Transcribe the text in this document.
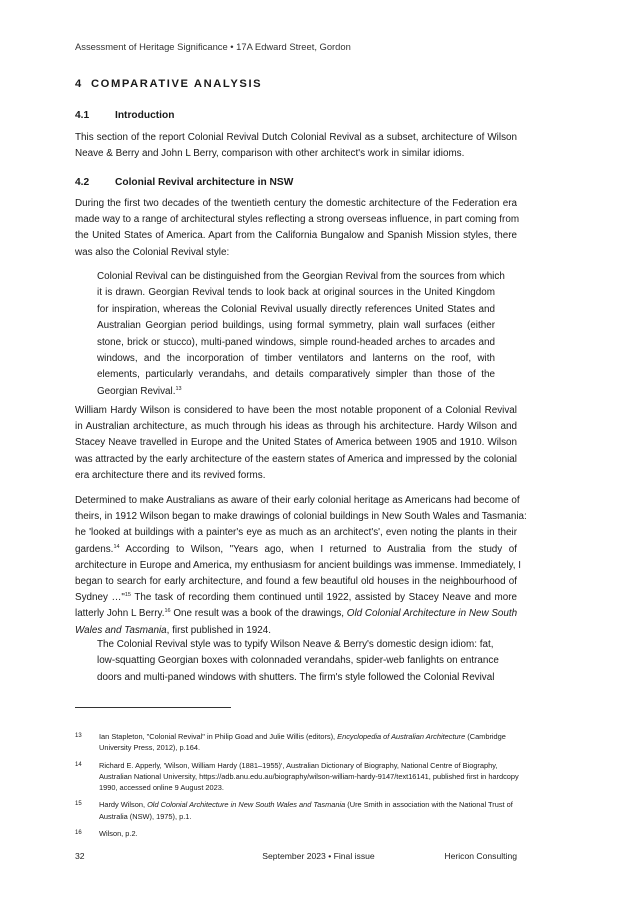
Assessment of Heritage Significance • 17A Edward Street, Gordon
4 COMPARATIVE ANALYSIS
4.1	Introduction

This section of the report Colonial Revival Dutch Colonial Revival as a subset, architecture of Wilson
Neave & Berry and John L Berry, comparison with other architect's work in similar idioms.

4.2	Colonial Revival architecture in NSW

During the first two decades of the twentieth century the domestic architecture of the Federation era
made way to a range of architectural styles reflecting a strong overseas influence, in part coming from
the United States of America. Apart from the California Bungalow and Spanish Mission styles, there
was also the Colonial Revival style:

Colonial Revival can be distinguished from the Georgian Revival from the sources from which
it is drawn. Georgian Revival tends to look back at original sources in the United Kingdom
for inspiration, whereas the Colonial Revival usually directly references United States and
Australian Georgian period buildings, using formal symmetry, plain wall surfaces (either
stone, brick or stucco), multi-paned windows, simple round-headed arches to arcades and
windows, and the incorporation of timber ventilators and lanterns on the roof, with
elements, particularly verandahs, and details comparatively simpler than those of the
Georgian Revival.$^{13}$

William Hardy Wilson is considered to have been the most notable proponent of a Colonial Revival
in Australian architecture, as much through his ideas as through his architecture. Hardy Wilson and
Stacey Neave travelled in Europe and the United States of America between 1905 and 1910. Wilson
was attracted by the early architecture of the eastern states of America and impressed by the colonial
era architecture there and its revived forms.

Determined to make Australians as aware of their early colonial heritage as Americans had become of
theirs, in 1912 Wilson began to make drawings of colonial buildings in New South Wales and Tasmania:
he 'looked at buildings with a painter's eye as much as an architect's', even noting the plants in their
gardens.$^{14}$ According to Wilson, "Years ago, when I returned to Australia from the study of
architecture in Europe and America, my enthusiasm for ancient buildings was immense. Immediately, I
began to search for early architecture, and found a few beautiful old houses in the neighbourhood of
Sydney …"$^{15}$ The task of recording them continued until 1922, assisted by Stacey Neave and more
latterly John L Berry.$^{16}$ One result was a book of the drawings, Old Colonial Architecture in New South
Wales and Tasmania, first published in 1924.

The Colonial Revival style was to typify Wilson Neave & Berry's domestic design idiom: fat,
low-squatting Georgian boxes with colonnaded verandahs, spider-web fanlights on entrance
doors and multi-paned windows with shutters. The firm's style followed the Colonial Revival

13 Ian Stapleton, "Colonial Revival" in Philip Goad and Julie Willis (editors), Encyclopedia of Australian Architecture (Cambridge University Press, 2012), p.164.
14 Richard E. Apperly, 'Wilson, William Hardy (1881–1955)', Australian Dictionary of Biography, National Centre of Biography, Australian National University, https://adb.anu.edu.au/biography/wilson-william-hardy-9147/text16141, published first in hardcopy 1990, accessed online 9 August 2023.
15 Hardy Wilson, Old Colonial Architecture in New South Wales and Tasmania (Ure Smith in association with the National Trust of Australia (NSW), 1975), p.1.
16 Wilson, p.2.
32	September 2023 • Final issue	Hericon Consulting
